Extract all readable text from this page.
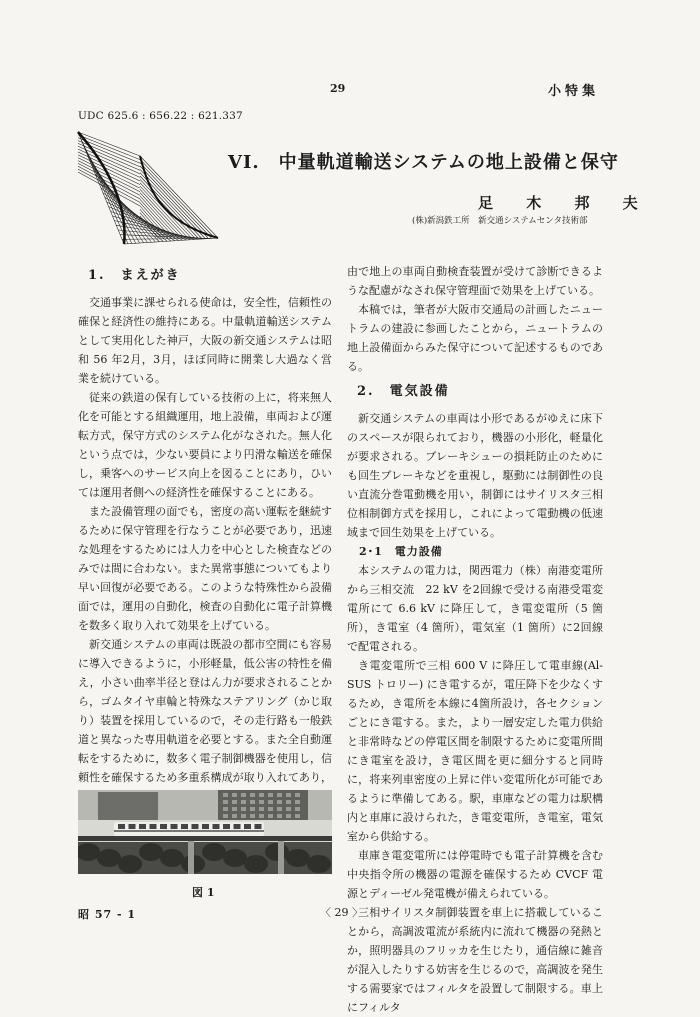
29	小特集
UDC 625.6 : 656.22 : 621.337
VI.　中量軌道輸送システムの地上設備と保守
足 木 邦 夫
(株)新潟鉄工所　新交通システムセンタ技術部
1.　まえがき

交通事業に課せられる使命は，安全性，信頼性の確保と経済性の維持にある。中量軌道輸送システムとして実用化した神戸，大阪の新交通システムは昭和 56 年2月，3月，ほぼ同時に開業し大過なく営業を続けている。

従来の鉄道の保有している技術の上に，将来無人化を可能とする組織運用，地上設備，車両および運転方式，保守方式のシステム化がなされた。無人化という点では，少ない要員により円滑な輸送を確保し，乗客へのサービス向上を図ることにあり，ひいては運用者側への経済性を確保することにある。

また設備管理の面でも，密度の高い運転を継続するために保守管理を行なうことが必要であり，迅速な処理をするためには人力を中心とした検査などのみでは間に合わない。また異常事態についてもより早い回復が必要である。このような特殊性から設備面では，運用の自動化，検査の自動化に電子計算機を数多く取り入れて効果を上げている。

新交通システムの車両は既設の都市空間にも容易に導入できるように，小形軽量，低公害の特性を備え，小さい曲率半径と登はん力が要求されることから，ゴムタイヤ車輪と特殊なステアリング（かじ取り）装置を採用しているので，その走行路も一般鉄道と異なった専用軌道を必要とする。また全自動運転をするために，数多く電子制御機器を使用し，信頼性を確保するため多重系構成が取り入れてあり，

図 1

由で地上の車両自動検査装置が受けて診断できるような配慮がなされ保守管理面で効果を上げている。

本稿では，筆者が大阪市交通局の計画したニュートラムの建設に参画したことから，ニュートラムの地上設備面からみた保守について記述するものである。

2.　電気設備

新交通システムの車両は小形であるがゆえに床下のスペースが限られており，機器の小形化，軽量化が要求される。ブレーキシューの損耗防止のためにも回生ブレーキなどを重視し，駆動には制御性の良い直流分巻電動機を用い，制御にはサイリスタ三相位相制御方式を採用し，これによって電動機の低速域まで回生効果を上げている。

2･1　電力設備

本システムの電力は，関西電力（株）南港変電所から三相交流　22 kV を2回線で受ける南港受電変電所にて 6.6 kV に降圧して，き電変電所（5 箇所），き電室（4 箇所），電気室（1 箇所）に2回線で配電される。

き電変電所で三相 600 V に降圧して電車線(Al-SUS トロリー) にき電するが，電圧降下を少なくするため，き電所を本線に4箇所設け，各セクションごとにき電する。また，より一層安定した電力供給と非常時などの停電区間を制限するために変電所間にき電室を設け，き電区間を更に細分すると同時に，将来列車密度の上昇に伴い変電所化が可能であるように準備してある。駅，車庫などの電力は駅構内と車庫に設けられた，き電変電所，き電室，電気室から供給する。

車庫き電変電所には停電時でも電子計算機を含む中央指令所の機器の電源を確保するため CVCF 電源とディーゼル発電機が備えられている。

三相サイリスタ制御装置を車上に搭載していることから，高調波電流が系統内に流れて機器の発熱とか，照明器具のフリッカを生じたり，通信線に雑音が混入したりする妨害を生じるので，高調波を発生する需要家ではフィルタを設置して制限する。車上にフィルタ

昭 57 - 1	〈 29 〉
